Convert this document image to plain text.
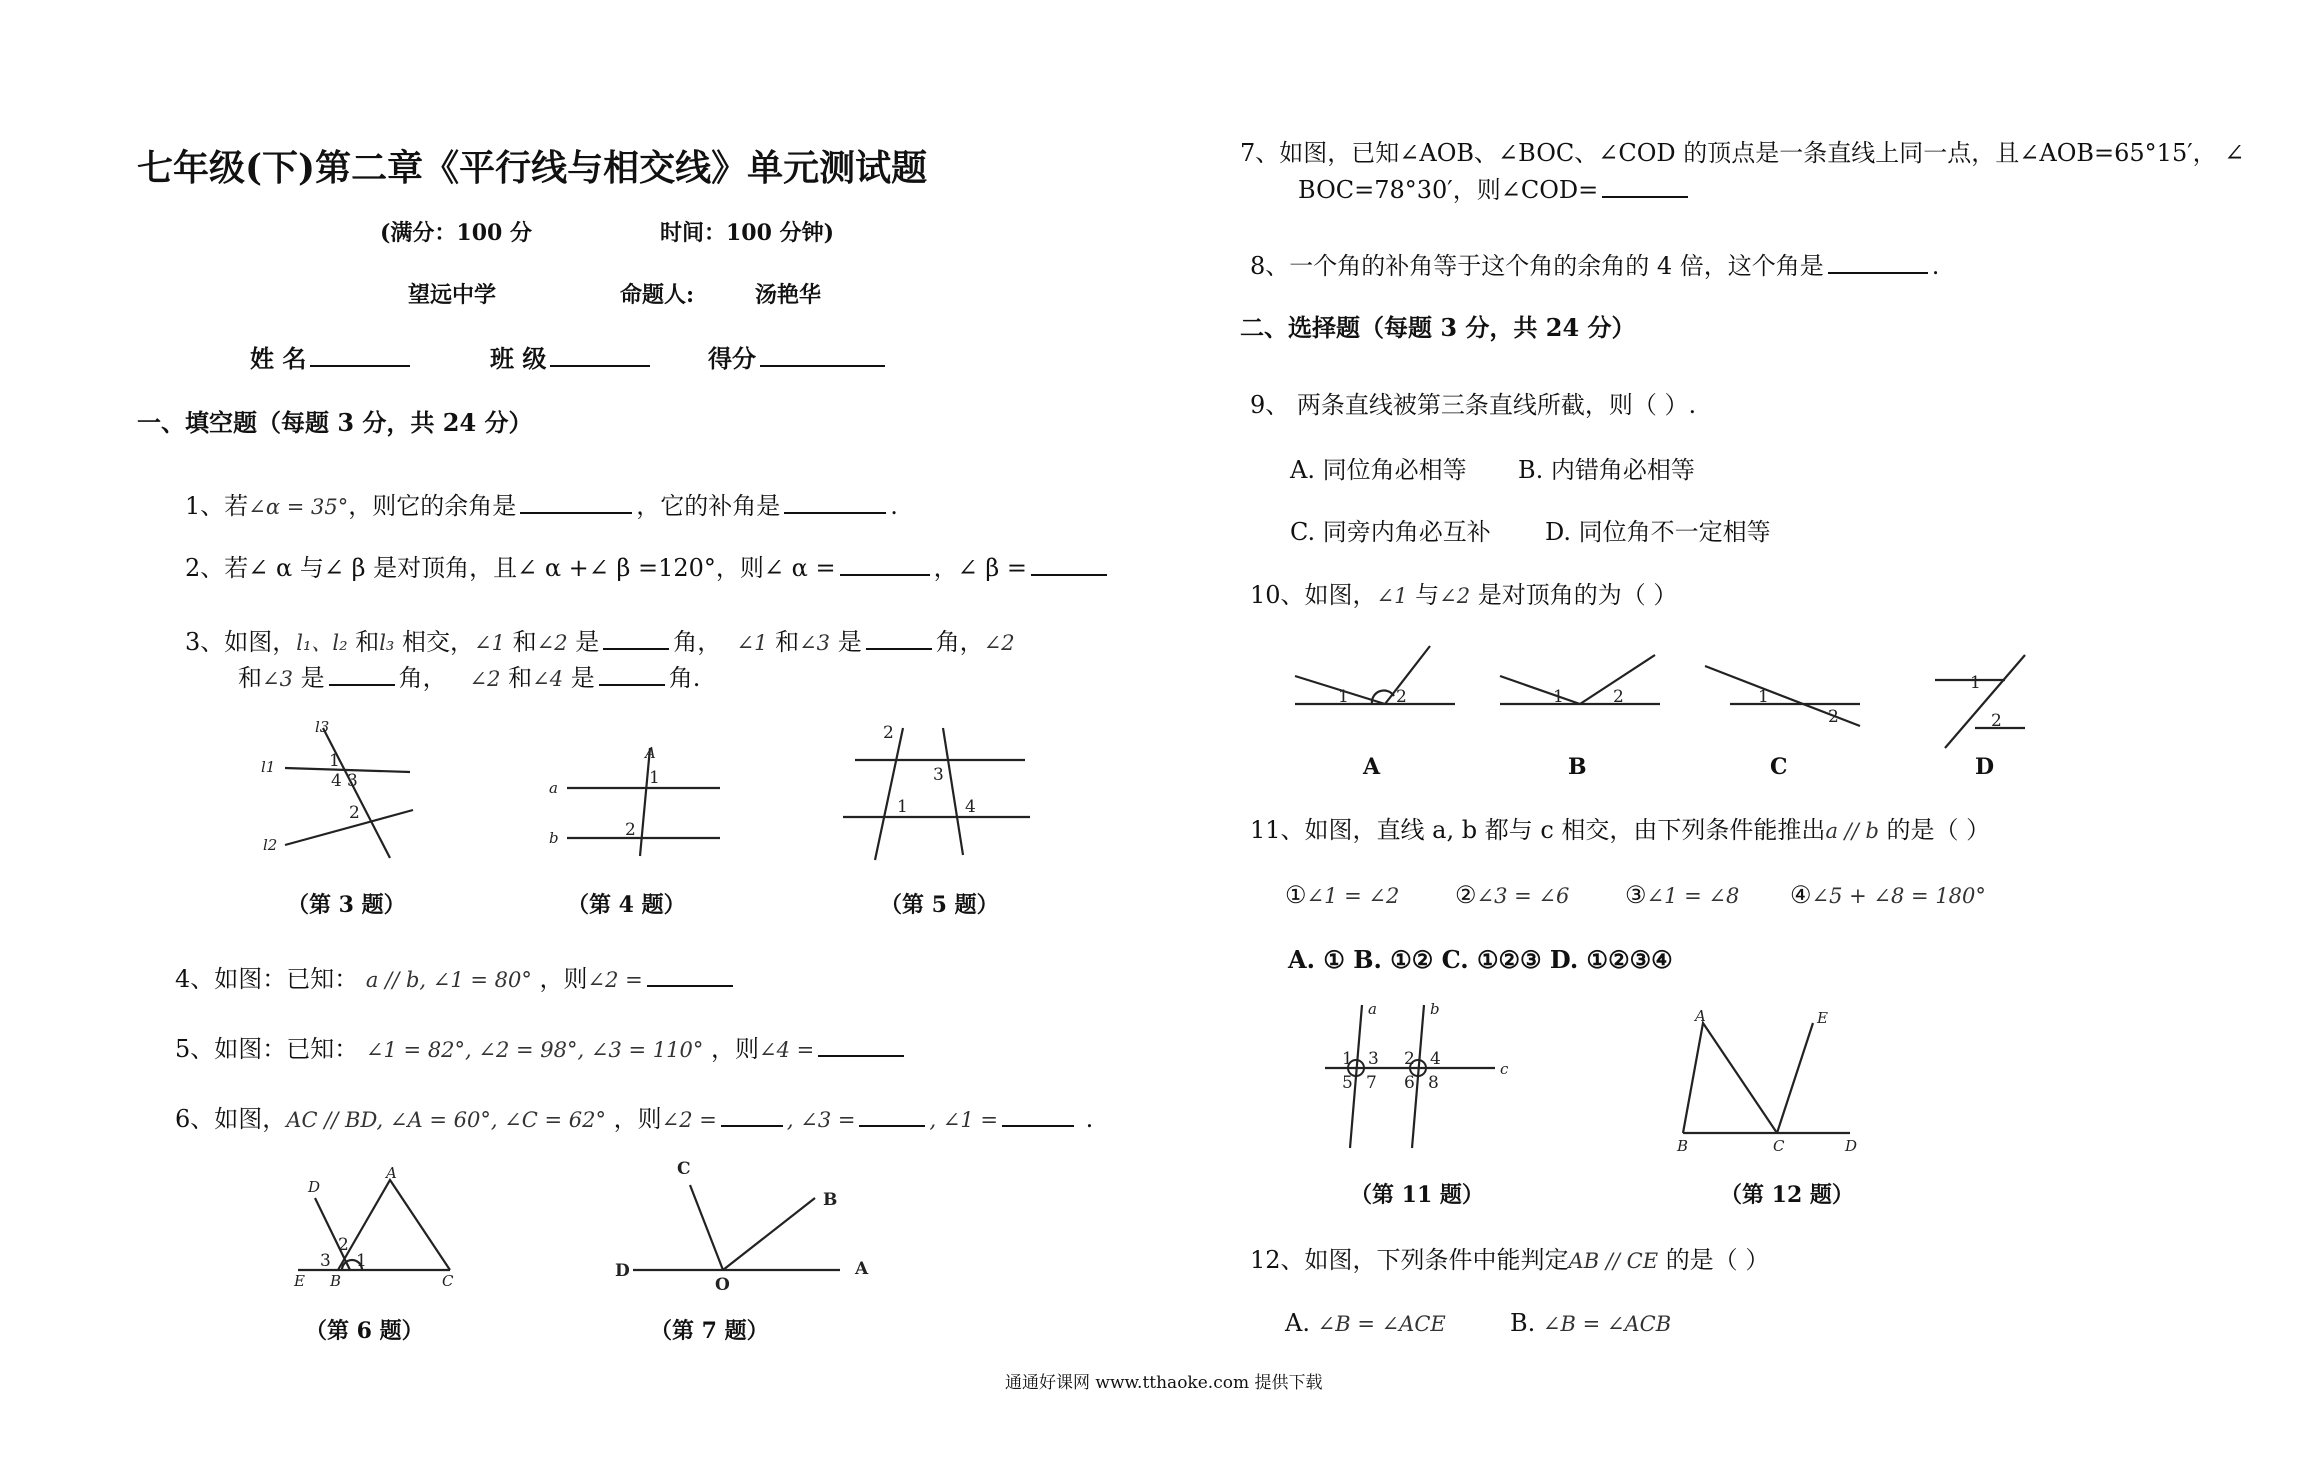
七年级(下)第二章《平行线与相交线》单元测试题
(满分：100 分	时间：100 分钟)
望远中学	命题人:	汤艳华
姓 名	班 级	得分
一、填空题（每题 3 分，共 24 分）
1、若∠α = 35°，则它的余角是	，它的补角是	.
2、若∠ α 与∠ β 是对顶角，且∠ α +∠ β =120°，则∠ α =	，∠ β =
3、如图，l₁、l₂ 和l₃ 相交，∠1 和∠2 是	角， ∠1 和∠3 是	角，∠2
和∠3 是	角， ∠2 和∠4 是	角.
l3
l1
l2
1
4 3
2
（第 3 题）
a
b
A
1
2
（第 4 题）
2
3
1	4
（第 5 题）
4、如图：已知： a // b, ∠1 = 80° ，则∠2 =
5、如图：已知： ∠1 = 82°, ∠2 = 98°, ∠3 = 110° ，则∠4 =
6、如图，AC // BD, ∠A = 60°, ∠C = 62° ，则∠2 =	, ∠3 =	, ∠1 =	.
D
A
E B	C
2
3 1
（第 6 题）
C
B
D	A
O
（第 7 题）
7、如图，已知∠AOB、∠BOC、∠COD 的顶点是一条直线上同一点，且∠AOB=65°15′， ∠
BOC=78°30′，则∠COD=
8、一个角的补角等于这个角的余角的 4 倍，这个角是	.
二、选择题（每题 3 分，共 24 分）
9、 两条直线被第三条直线所截，则（ ）.
A. 同位角必相等 B. 内错角必相等
C. 同旁内角必互补 D. 同位角不一定相等
10、如图，∠1 与∠2 是对顶角的为（ ）
1	2	1	2	1
2
1
2
A	B	C	D
11、如图，直线 a, b 都与 c 相交，由下列条件能推出a // b 的是（ ）
①∠1 = ∠2 ②∠3 = ∠6 ③∠1 = ∠8 ④∠5 + ∠8 = 180°
A. ① B. ①② C. ①②③ D. ①②③④
a	b
c
1 3
5 7
2 4
6 8
（第 11 题）
A	E
B	C	D
（第 12 题）
12、如图，下列条件中能判定AB // CE 的是（ ）
A. ∠B = ∠ACE	B. ∠B = ∠ACB
通通好课网 www.tthaoke.com 提供下载
